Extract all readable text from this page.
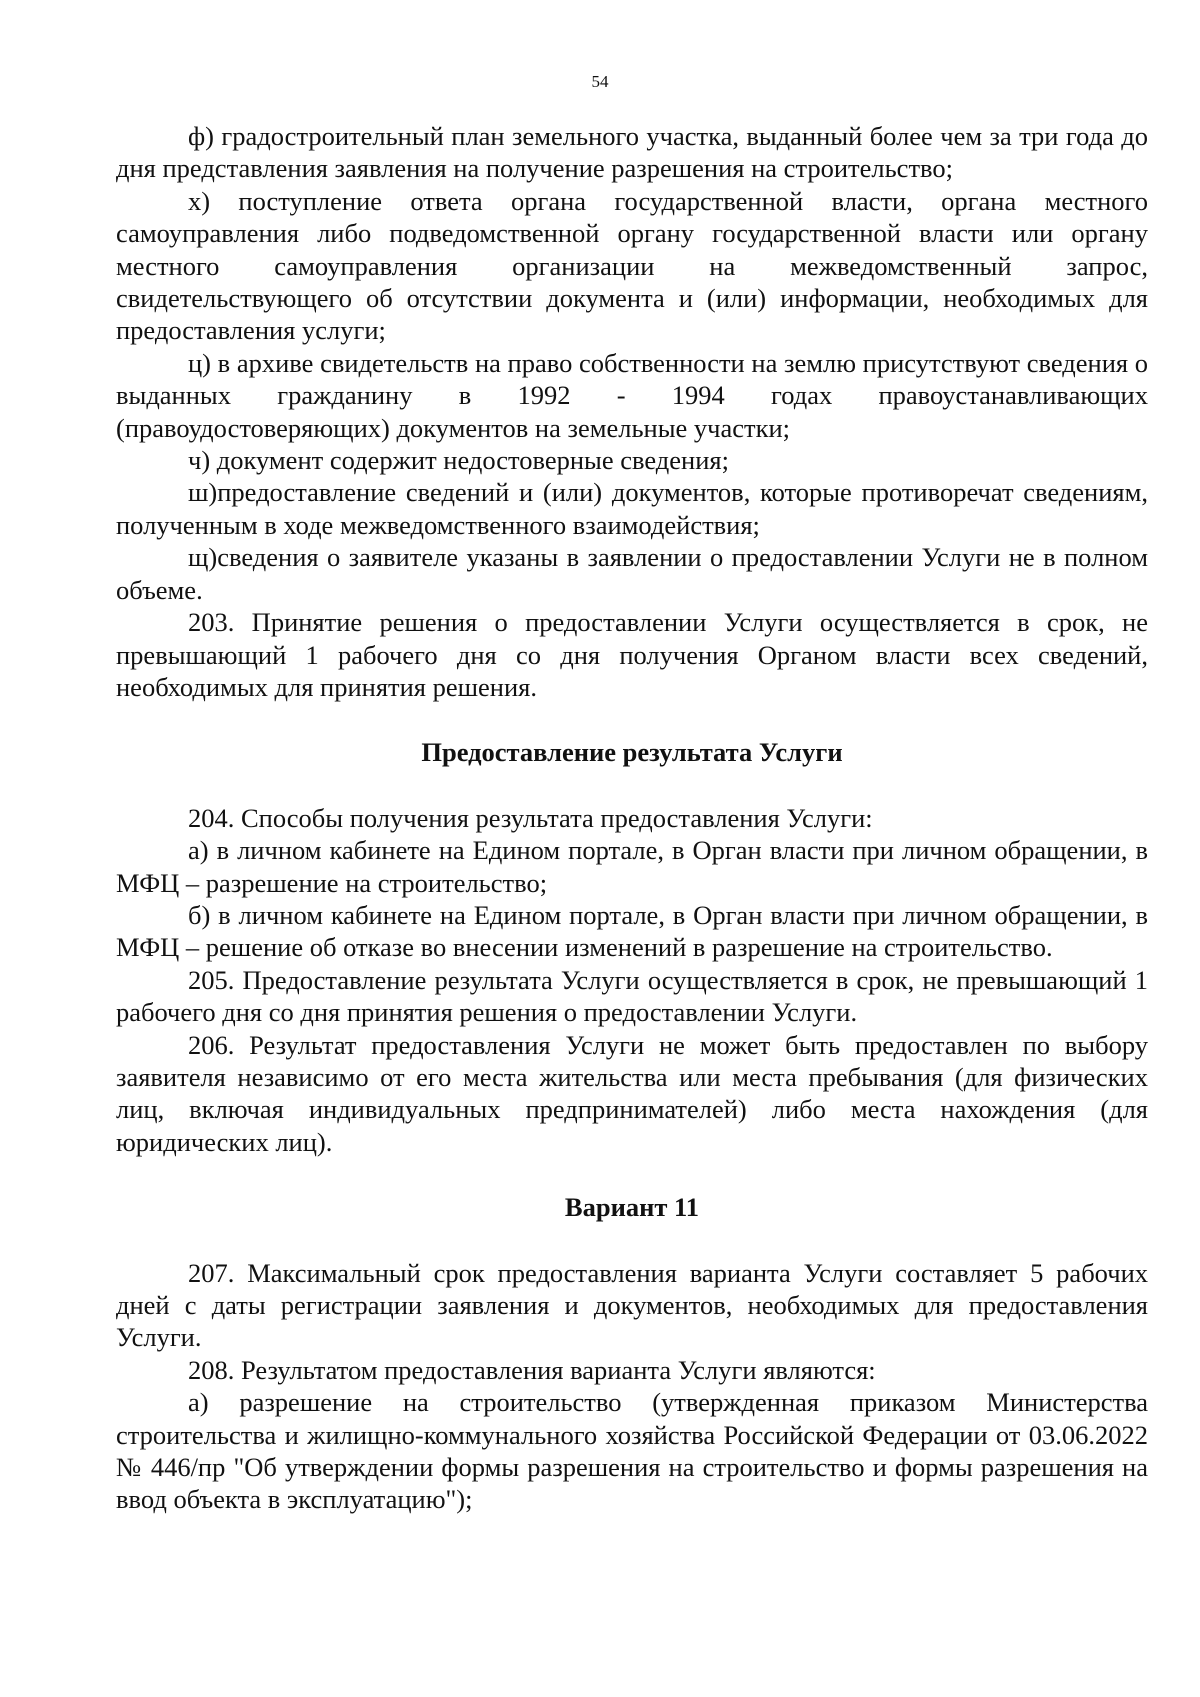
54

ф) градостроительный план земельного участка, выданный более чем за три года до дня представления заявления на получение разрешения на строительство;

х) поступление ответа органа государственной власти, органа местного самоуправления либо подведомственной органу государственной власти или органу местного самоуправления организации на межведомственный запрос, свидетельствующего об отсутствии документа и (или) информации, необходимых для предоставления услуги;

ц) в архиве свидетельств на право собственности на землю присутствуют сведения о выданных гражданину в 1992 - 1994 годах правоустанавливающих (правоудостоверяющих) документов на земельные участки;

ч) документ содержит недостоверные сведения;

ш)предоставление сведений и (или) документов, которые противоречат сведениям, полученным в ходе межведомственного взаимодействия;

щ)сведения о заявителе указаны в заявлении о предоставлении Услуги не в полном объеме.

203. Принятие решения о предоставлении Услуги осуществляется в срок, не превышающий 1 рабочего дня со дня получения Органом власти всех сведений, необходимых для принятия решения.

Предоставление результата Услуги

204. Способы получения результата предоставления Услуги:

а) в личном кабинете на Едином портале, в Орган власти при личном обращении, в МФЦ – разрешение на строительство;

б) в личном кабинете на Едином портале, в Орган власти при личном обращении, в МФЦ – решение об отказе во внесении изменений в разрешение на строительство.

205. Предоставление результата Услуги осуществляется в срок, не превышающий 1 рабочего дня со дня принятия решения о предоставлении Услуги.

206. Результат предоставления Услуги не может быть предоставлен по выбору заявителя независимо от его места жительства или места пребывания (для физических лиц, включая индивидуальных предпринимателей) либо места нахождения (для юридических лиц).

Вариант 11

207. Максимальный срок предоставления варианта Услуги составляет 5 рабочих дней с даты регистрации заявления и документов, необходимых для предоставления Услуги.

208. Результатом предоставления варианта Услуги являются:

а) разрешение на строительство (утвержденная приказом Министерства строительства и жилищно-коммунального хозяйства Российской Федерации от 03.06.2022 № 446/пр "Об утверждении формы разрешения на строительство и формы разрешения на ввод объекта в эксплуатацию");
